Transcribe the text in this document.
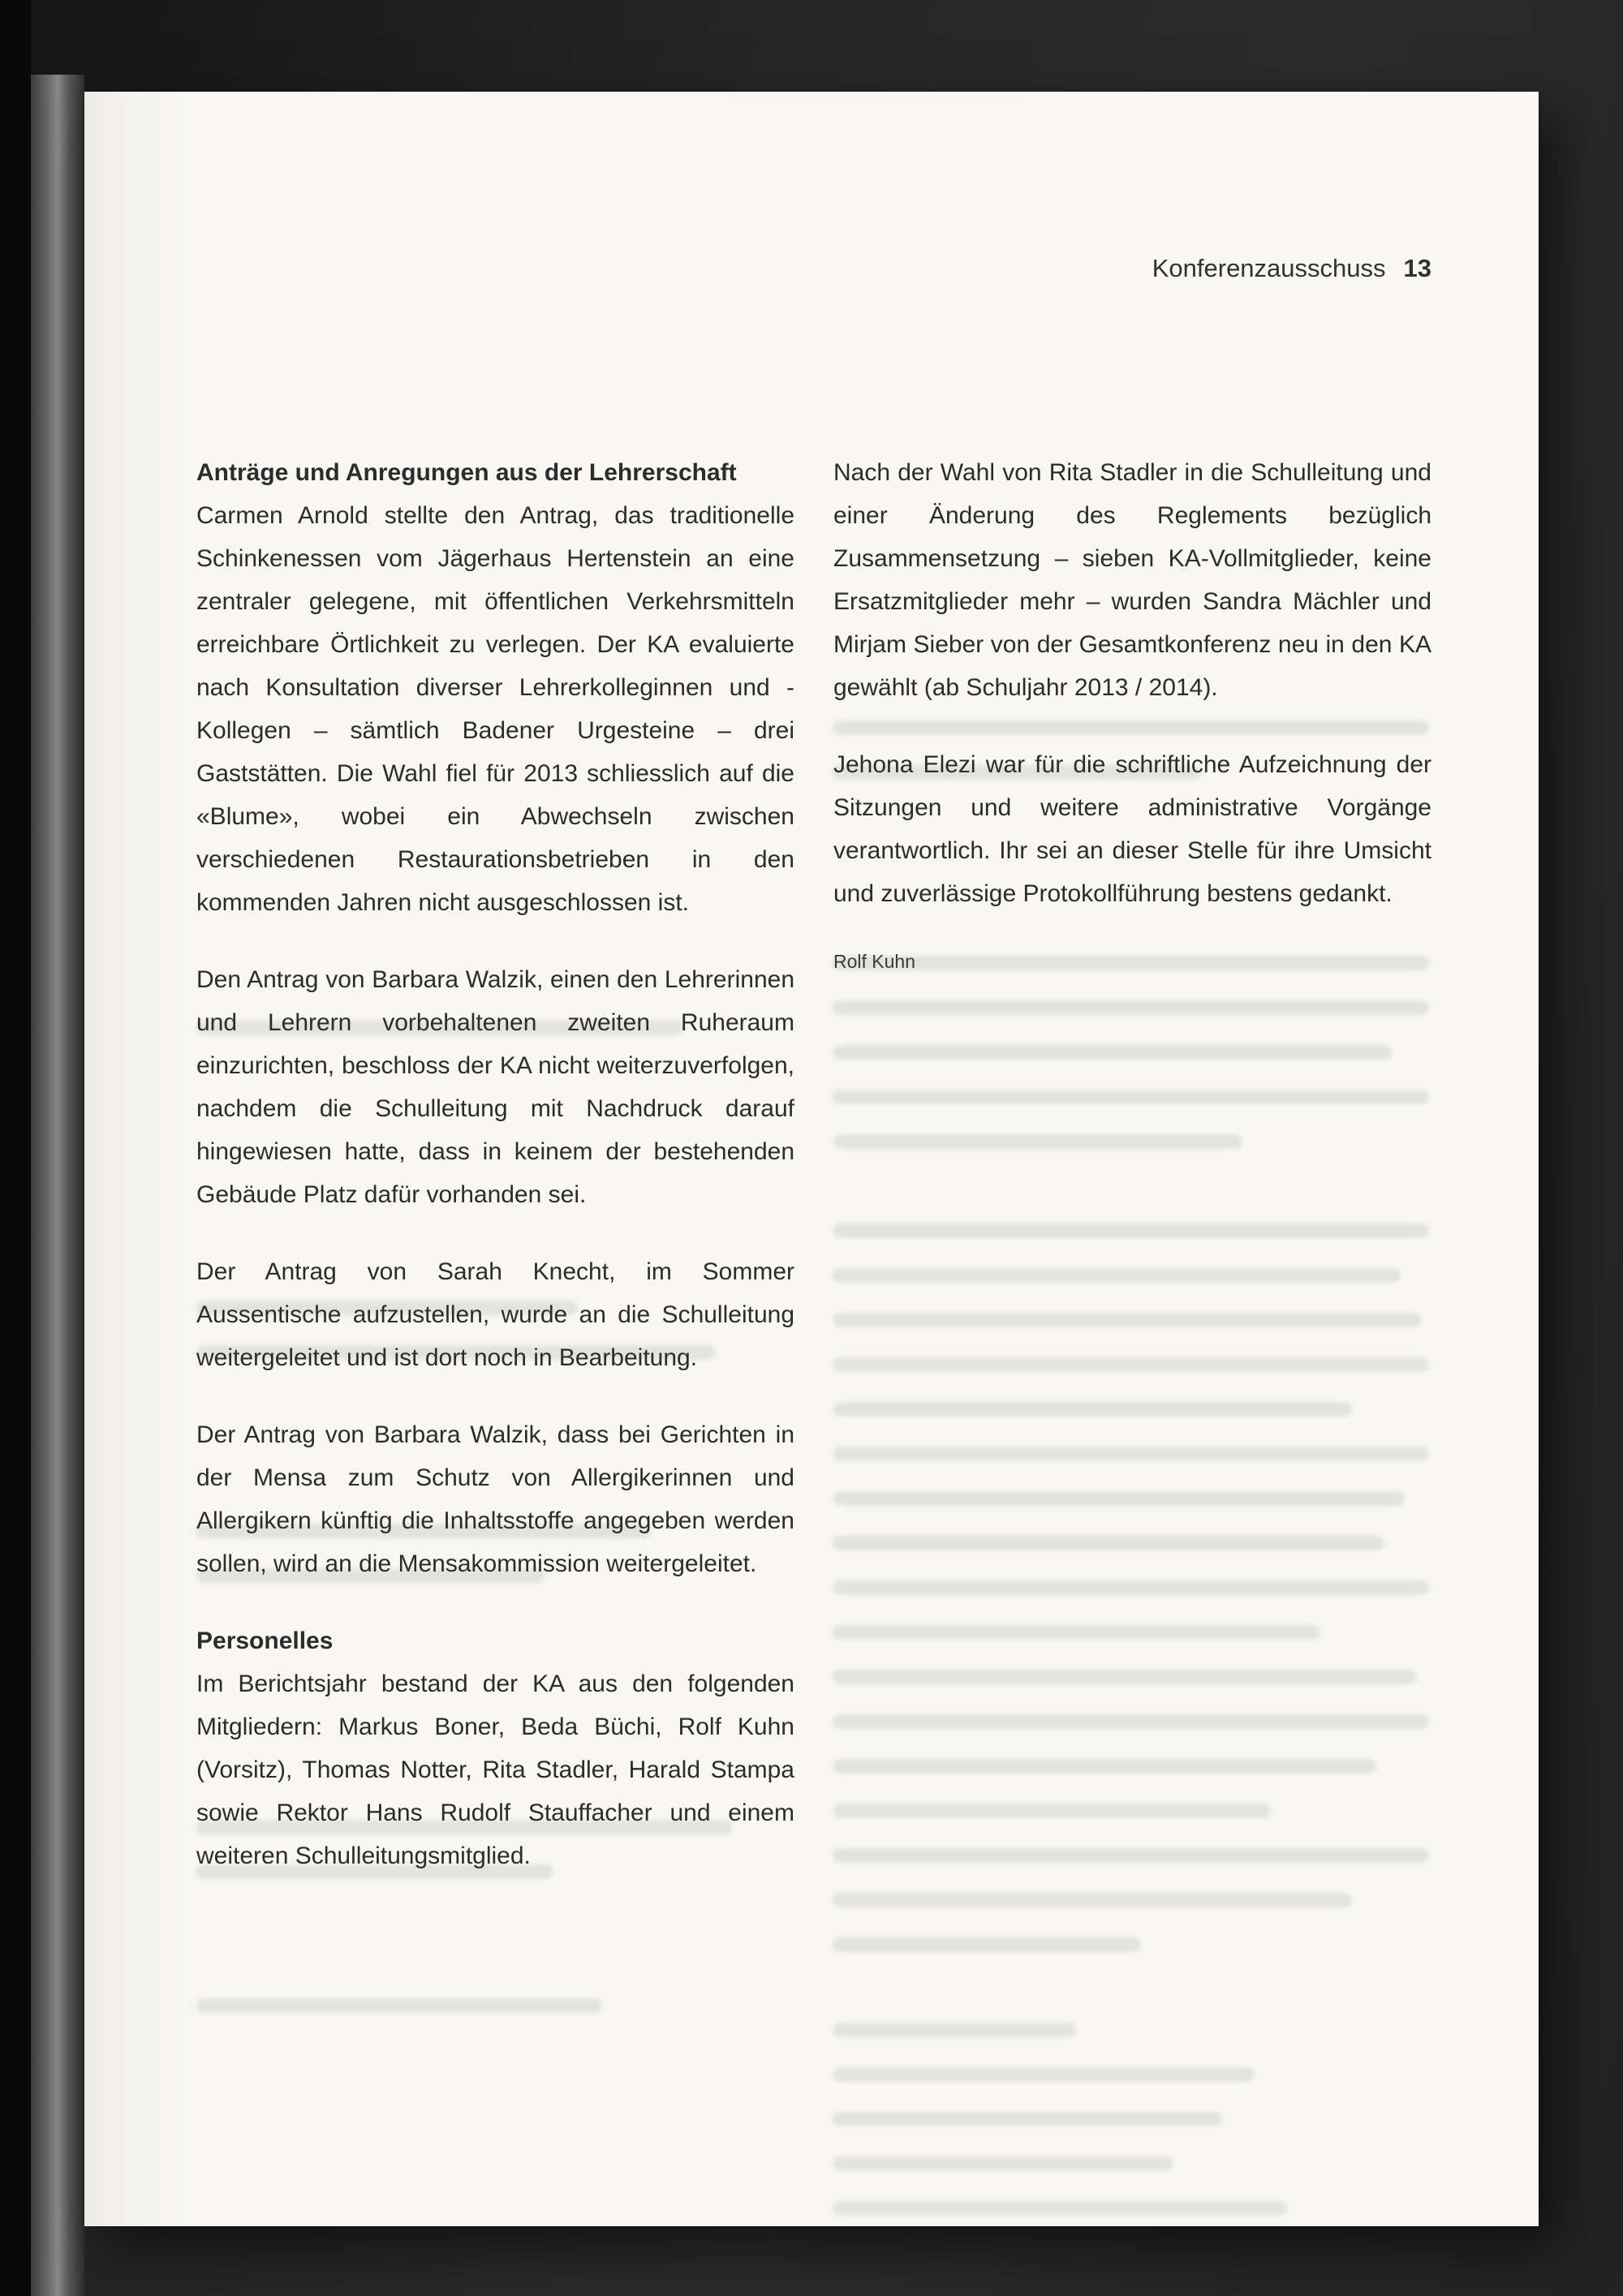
Konferenzausschuss 13
Anträge und Anregungen aus der Lehrerschaft

Carmen Arnold stellte den Antrag, das traditionelle Schinkenessen vom Jägerhaus Hertenstein an eine zentraler gelegene, mit öffentlichen Verkehrsmitteln erreichbare Örtlichkeit zu verlegen. Der KA evaluierte nach Konsultation diverser Lehrerkolleginnen und -Kollegen – sämtlich Badener Urgesteine – drei Gaststätten. Die Wahl fiel für 2013 schliesslich auf die «Blume», wobei ein Abwechseln zwischen verschiedenen Restaurationsbetrieben in den kommenden Jahren nicht ausgeschlossen ist.

Den Antrag von Barbara Walzik, einen den Lehrerinnen und Lehrern vorbehaltenen zweiten Ruheraum einzurichten, beschloss der KA nicht weiterzuverfolgen, nachdem die Schulleitung mit Nachdruck darauf hingewiesen hatte, dass in keinem der bestehenden Gebäude Platz dafür vorhanden sei.

Der Antrag von Sarah Knecht, im Sommer Aussentische aufzustellen, wurde an die Schulleitung weitergeleitet und ist dort noch in Bearbeitung.

Der Antrag von Barbara Walzik, dass bei Gerichten in der Mensa zum Schutz von Allergikerinnen und Allergikern künftig die Inhaltsstoffe angegeben werden sollen, wird an die Mensakommission weitergeleitet.

Personelles

Im Berichtsjahr bestand der KA aus den folgenden Mitgliedern: Markus Boner, Beda Büchi, Rolf Kuhn (Vorsitz), Thomas Notter, Rita Stadler, Harald Stampa sowie Rektor Hans Rudolf Stauffacher und einem weiteren Schulleitungsmitglied.

Nach der Wahl von Rita Stadler in die Schulleitung und einer Änderung des Reglements bezüglich Zusammensetzung – sieben KA-Vollmitglieder, keine Ersatzmitglieder mehr – wurden Sandra Mächler und Mirjam Sieber von der Gesamtkonferenz neu in den KA gewählt (ab Schuljahr 2013 / 2014).

Jehona Elezi war für die schriftliche Aufzeichnung der Sitzungen und weitere administrative Vorgänge verantwortlich. Ihr sei an dieser Stelle für ihre Umsicht und zuverlässige Protokollführung bestens gedankt.

Rolf Kuhn
